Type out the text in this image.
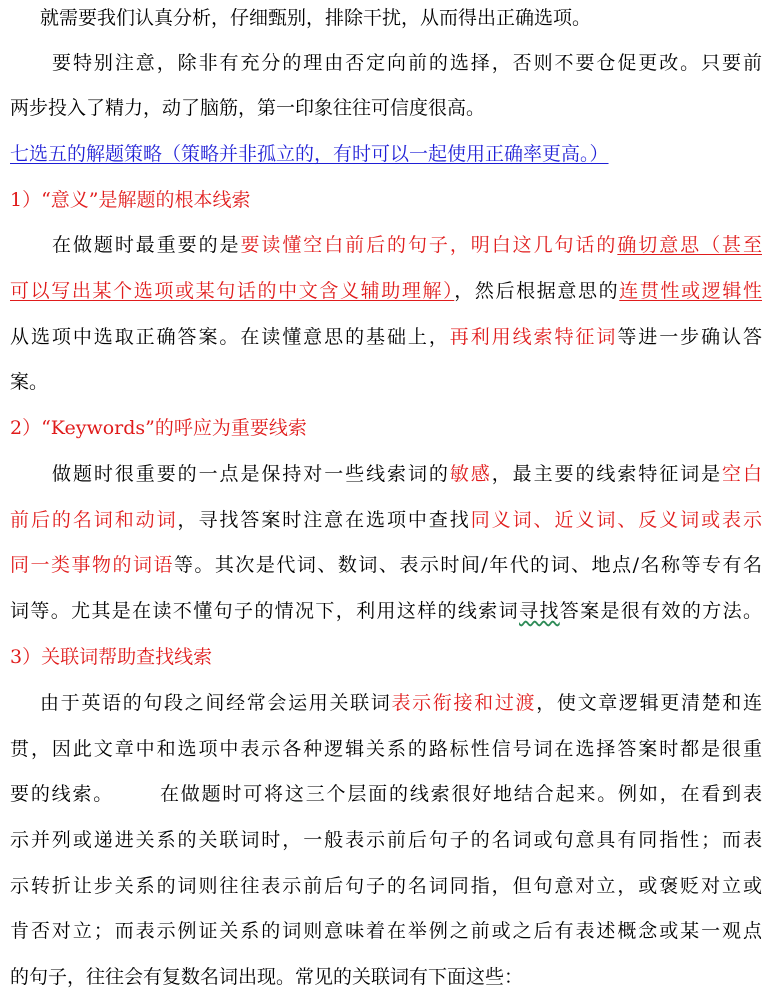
就需要我们认真分析，仔细甄别，排除干扰，从而得出正确选项。
要特别注意，除非有充分的理由否定向前的选择，否则不要仓促更改。只要前
两步投入了精力，动了脑筋，第一印象往往可信度很高。
七选五的解题策略（策略并非孤立的，有时可以一起使用正确率更高。）
1）“意义”是解题的根本线索
在做题时最重要的是要读懂空白前后的句子，明白这几句话的确切意思（甚至
可以写出某个选项或某句话的中文含义辅助理解），然后根据意思的连贯性或逻辑性
从选项中选取正确答案。在读懂意思的基础上，再利用线索特征词等进一步确认答
案。
2）“Keywords”的呼应为重要线索
做题时很重要的一点是保持对一些线索词的敏感，最主要的线索特征词是空白
前后的名词和动词，寻找答案时注意在选项中查找同义词、近义词、反义词或表示
同一类事物的词语等。其次是代词、数词、表示时间/年代的词、地点/名称等专有名
词等。尤其是在读不懂句子的情况下，利用这样的线索词寻找答案是很有效的方法。
3）关联词帮助查找线索
由于英语的句段之间经常会运用关联词表示衔接和过渡，使文章逻辑更清楚和连
贯，因此文章中和选项中表示各种逻辑关系的路标性信号词在选择答案时都是很重
要的线索。 在做题时可将这三个层面的线索很好地结合起来。例如，在看到表
示并列或递进关系的关联词时，一般表示前后句子的名词或句意具有同指性；而表
示转折让步关系的词则往往表示前后句子的名词同指，但句意对立，或褒贬对立或
肯否对立；而表示例证关系的词则意味着在举例之前或之后有表述概念或某一观点
的句子，往往会有复数名词出现。常见的关联词有下面这些：
